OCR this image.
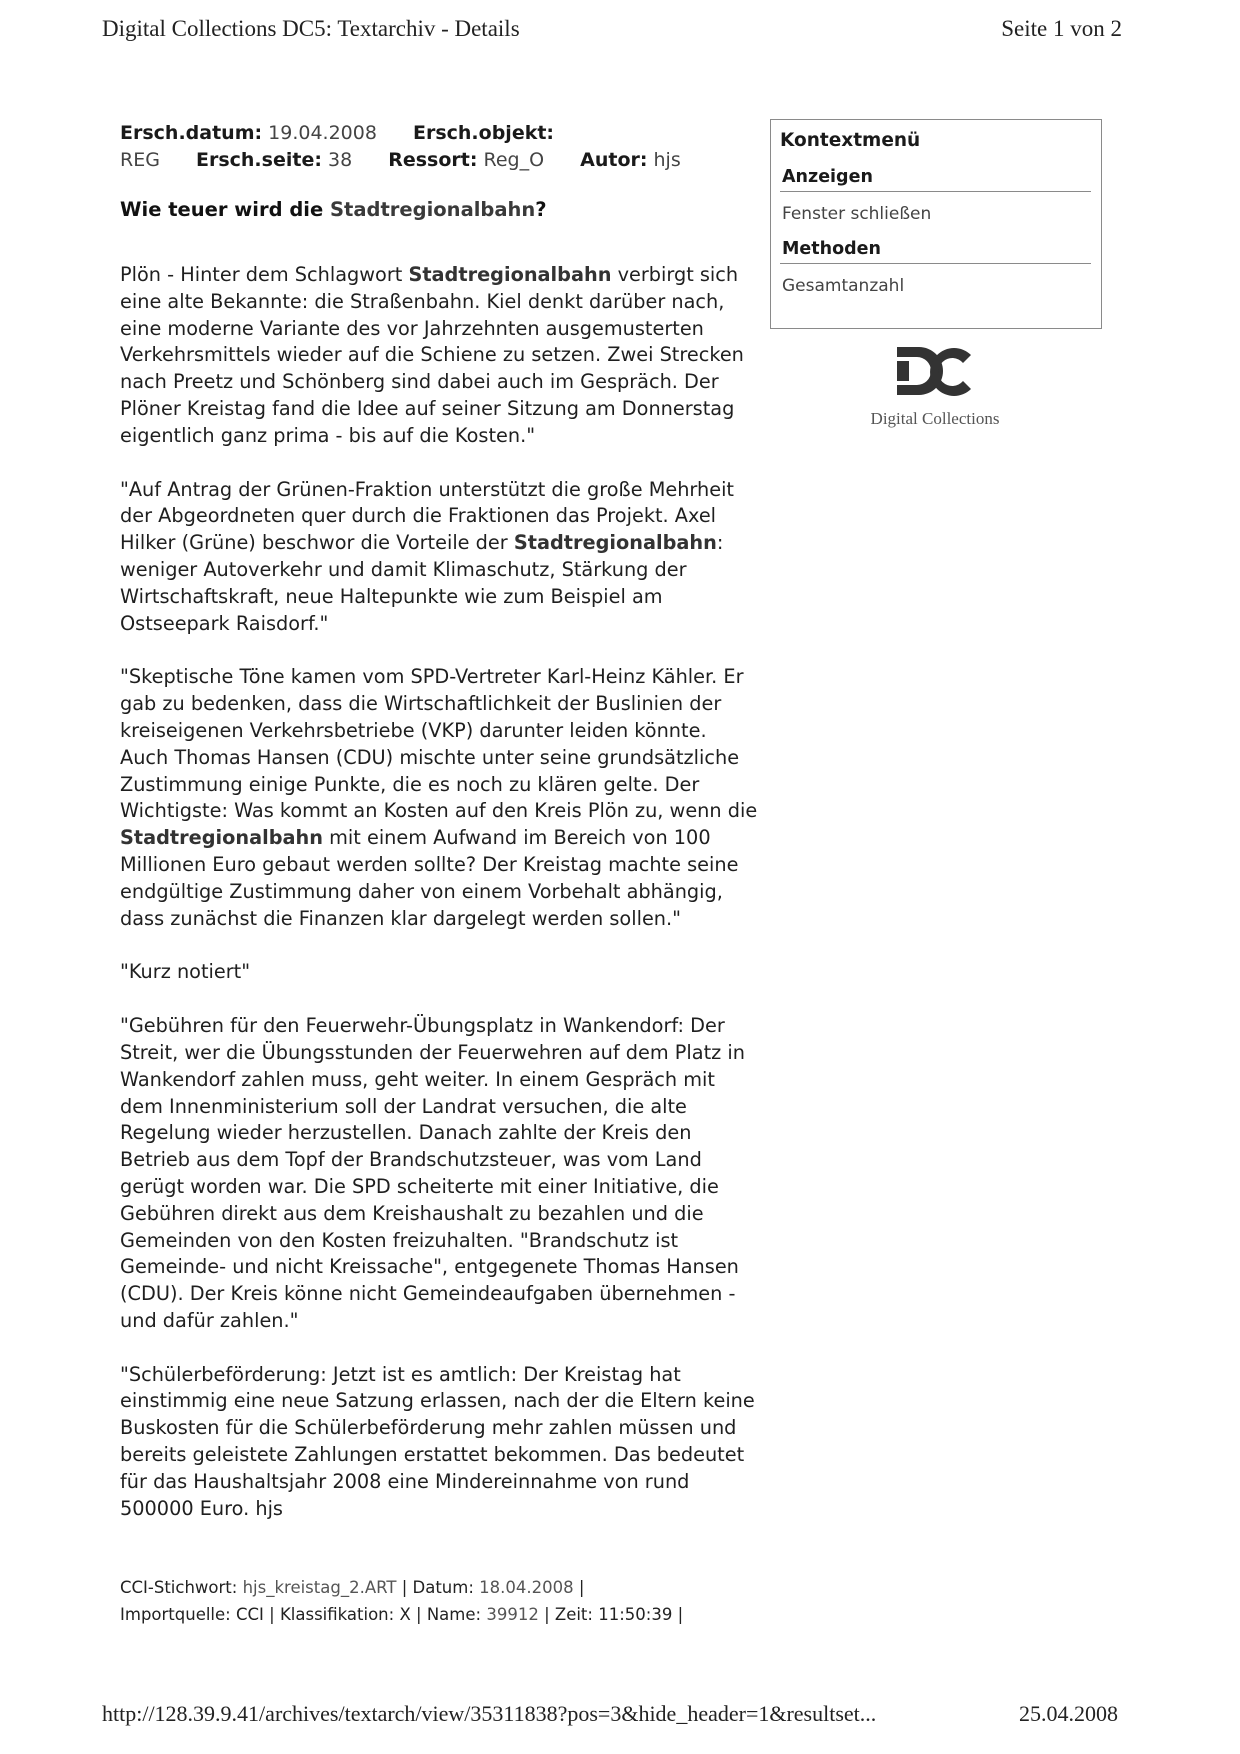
Digital Collections DC5: Textarchiv - Details	Seite 1 von 2
Ersch.datum: 19.04.2008 Ersch.objekt:
REG Ersch.seite: 38 Ressort: Reg_O Autor: hjs
Wie teuer wird die Stadtregionalbahn?

Plön - Hinter dem Schlagwort Stadtregionalbahn verbirgt sich eine alte Bekannte: die Straßenbahn. Kiel denkt darüber nach, eine moderne Variante des vor Jahrzehnten ausgemusterten Verkehrsmittels wieder auf die Schiene zu setzen. Zwei Strecken nach Preetz und Schönberg sind dabei auch im Gespräch. Der Plöner Kreistag fand die Idee auf seiner Sitzung am Donnerstag eigentlich ganz prima - bis auf die Kosten."

"Auf Antrag der Grünen-Fraktion unterstützt die große Mehrheit der Abgeordneten quer durch die Fraktionen das Projekt. Axel Hilker (Grüne) beschwor die Vorteile der Stadtregionalbahn: weniger Autoverkehr und damit Klimaschutz, Stärkung der Wirtschaftskraft, neue Haltepunkte wie zum Beispiel am Ostseepark Raisdorf."

"Skeptische Töne kamen vom SPD-Vertreter Karl-Heinz Kähler. Er gab zu bedenken, dass die Wirtschaftlichkeit der Buslinien der kreiseigenen Verkehrsbetriebe (VKP) darunter leiden könnte. Auch Thomas Hansen (CDU) mischte unter seine grundsätzliche Zustimmung einige Punkte, die es noch zu klären gelte. Der Wichtigste: Was kommt an Kosten auf den Kreis Plön zu, wenn die Stadtregionalbahn mit einem Aufwand im Bereich von 100 Millionen Euro gebaut werden sollte? Der Kreistag machte seine endgültige Zustimmung daher von einem Vorbehalt abhängig, dass zunächst die Finanzen klar dargelegt werden sollen."

"Kurz notiert"

"Gebühren für den Feuerwehr-Übungsplatz in Wankendorf: Der Streit, wer die Übungsstunden der Feuerwehren auf dem Platz in Wankendorf zahlen muss, geht weiter. In einem Gespräch mit dem Innenministerium soll der Landrat versuchen, die alte Regelung wieder herzustellen. Danach zahlte der Kreis den Betrieb aus dem Topf der Brandschutzsteuer, was vom Land gerügt worden war. Die SPD scheiterte mit einer Initiative, die Gebühren direkt aus dem Kreishaushalt zu bezahlen und die Gemeinden von den Kosten freizuhalten. "Brandschutz ist Gemeinde- und nicht Kreissache", entgegenete Thomas Hansen (CDU). Der Kreis könne nicht Gemeindeaufgaben übernehmen - und dafür zahlen."

"Schülerbeförderung: Jetzt ist es amtlich: Der Kreistag hat einstimmig eine neue Satzung erlassen, nach der die Eltern keine Buskosten für die Schülerbeförderung mehr zahlen müssen und bereits geleistete Zahlungen erstattet bekommen. Das bedeutet für das Haushaltsjahr 2008 eine Mindereinnahme von rund 500000 Euro. hjs

CCI-Stichwort: hjs_kreistag_2.ART | Datum: 18.04.2008 |
Importquelle: CCI | Klassifikation: X | Name: 39912 | Zeit: 11:50:39 |
Kontextmenü
Anzeigen
Fenster schließen
Methoden
Gesamtanzahl
Digital Collections
http://128.39.9.41/archives/textarch/view/35311838?pos=3&hide_header=1&resultset...	25.04.2008
